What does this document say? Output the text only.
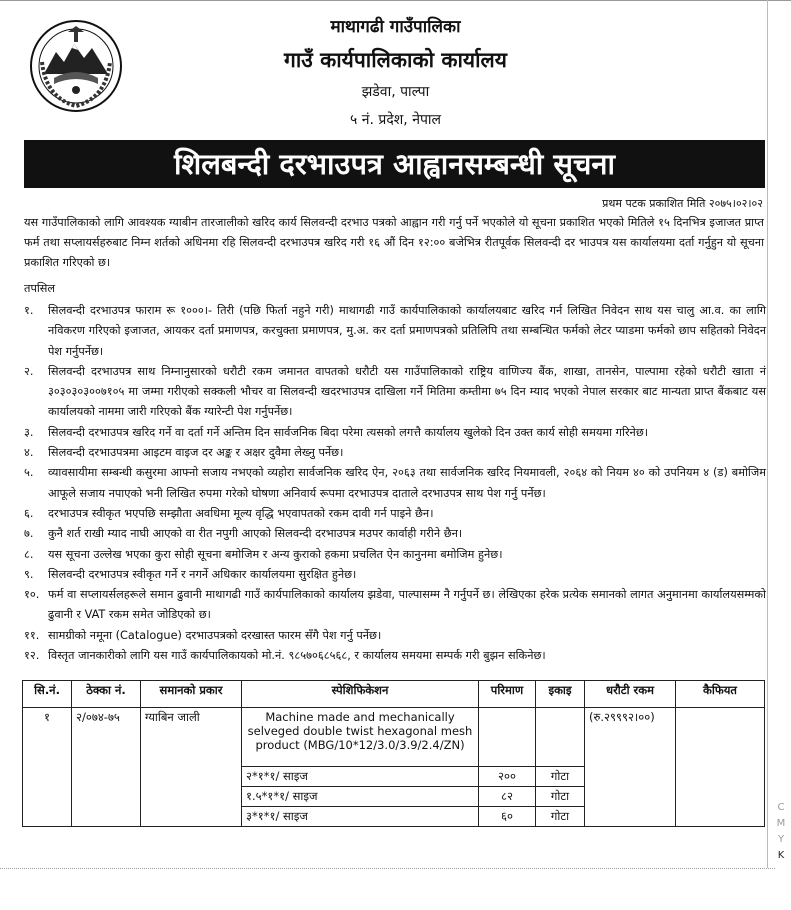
माथागढी गाउँपालिका
गाउँ कार्यपालिकाको कार्यालय
झडेवा, पाल्पा
५ नं. प्रदेश, नेपाल
शिलबन्दी दरभाउपत्र आह्वानसम्बन्धी सूचना
प्रथम पटक प्रकाशित मिति २०७५।०२।०२

यस गाउँपालिकाको लागि आवश्यक ग्याबीन तारजालीको खरिद कार्य सिलवन्दी दरभाउ पत्रको आह्वान गरी गर्नु पर्ने भएकोले यो सूचना प्रकाशित भएको मितिले १५ दिनभित्र इजाजत प्राप्त फर्म तथा सप्लायर्सहरुबाट निम्न शर्तको अधिनमा रहि सिलवन्दी दरभाउपत्र खरिद गरी १६ औं दिन १२:०० बजेभित्र रीतपूर्वक सिलवन्दी दर भाउपत्र यस कार्यालयमा दर्ता गर्नुहुन यो सूचना प्रकाशित गरिएको छ।

तपसिल
१. सिलवन्दी दरभाउपत्र फाराम रू १०००।- तिरी (पछि फिर्ता नहुने गरी) माथागढी गाउँ कार्यपालिकाको कार्यालयबाट खरिद गर्न लिखित निवेदन साथ यस चालु आ.व. का लागि नविकरण गरिएको इजाजत, आयकर दर्ता प्रमाणपत्र, करचुक्ता प्रमाणपत्र, मु.अ. कर दर्ता प्रमाणपत्रको प्रतिलिपि तथा सम्बन्धित फर्मको लेटर प्याडमा फर्मको छाप सहितको निवेदन पेश गर्नुपर्नेछ।
२. सिलवन्दी दरभाउपत्र साथ निम्नानुसारको धरौटी रकम जमानत वापतको धरौटी यस गाउँपालिकाको राष्ट्रिय वाणिज्य बैंक, शाखा, तानसेन, पाल्पामा रहेको धरौटी खाता नं ३०३०३०३००७१०५ मा जम्मा गरीएको सक्कली भौचर वा सिलवन्दी खदरभाउपत्र दाखिला गर्ने मितिमा कम्तीमा ७५ दिन म्याद भएको नेपाल सरकार बाट मान्यता प्राप्त बैंकबाट यस कार्यालयको नाममा जारी गरिएको बैंक ग्यारेन्टी पेश गर्नुपर्नेछ।
३. सिलवन्दी दरभाउपत्र खरिद गर्ने वा दर्ता गर्ने अन्तिम दिन सार्वजनिक बिदा परेमा त्यसको लगत्तै कार्यालय खुलेको दिन उक्त कार्य सोही समयमा गरिनेछ।
४. सिलवन्दी दरभाउपत्रमा आइटम वाइज दर अङ्क र अक्षर दुवैमा लेख्नु पर्नेछ।
५. व्यावसायीमा सम्बन्धी कसुरमा आफ्नो सजाय नभएको व्यहोरा सार्वजनिक खरिद ऐन, २०६३ तथा सार्वजनिक खरिद नियमावली, २०६४ को नियम ४० को उपनियम ४ (ड) बमोजिम आफूले सजाय नपाएको भनी लिखित रुपमा गरेको घोषणा अनिवार्य रूपमा दरभाउपत्र दाताले दरभाउपत्र साथ पेश गर्नु पर्नेछ।
६. दरभाउपत्र स्वीकृत भएपछि सम्झौता अवधिमा मूल्य वृद्धि भएवापतको रकम दावी गर्न पाइने छैन।
७. कुनै शर्त राखी म्याद नाघी आएको वा रीत नपुगी आएको सिलवन्दी दरभाउपत्र मउपर कार्वाही गरीने छैन।
८. यस सूचना उल्लेख भएका कुरा सोही सूचना बमोजिम र अन्य कुराको हकमा प्रचलित ऐन कानुनमा बमोजिम हुनेछ।
९. सिलवन्दी दरभाउपत्र स्वीकृत गर्ने र नगर्ने अधिकार कार्यालयमा सुरक्षित हुनेछ।
१०. फर्म वा सप्लायर्सलहरूले समान ढुवानी माथागढी गाउँ कार्यपालिकाको कार्यालय झडेवा, पाल्पासम्म नै गर्नुपर्ने छ। लेखिएका हरेक प्रत्येक समानको लागत अनुमानमा कार्यालयसम्मको ढुवानी र VAT रकम समेत जोडिएको छ।
११. सामग्रीको नमूना (Catalogue) दरभाउपत्रको दरखास्त फारम सँगै पेश गर्नु पर्नेछ।
१२. विस्तृत जानकारीको लागि यस गाउँ कार्यपालिकायको मो.नं. ९८५७०६८५६८, र कार्यालय समयमा सम्पर्क गरी बुझन सकिनेछ।
सि.नं.	ठेक्का नं.	समानको प्रकार	स्पेशिफिकेशन	परिमाण	इकाइ	धरौटी रकम	कैफियत
१	२/०७४-७५	ग्याबिन जाली	Machine made and mechanically selveged double twist hexagonal mesh product (MBG/10*12/3.0/3.9/2.4/ZN)			(रु.२९९९२।००)	
			२*१*१/ साइज	२००	गोटा		
			१.५*१*१/ साइज	८२	गोटा		
			३*१*१/ साइज	६०	गोटा		
C
M
Y
K
